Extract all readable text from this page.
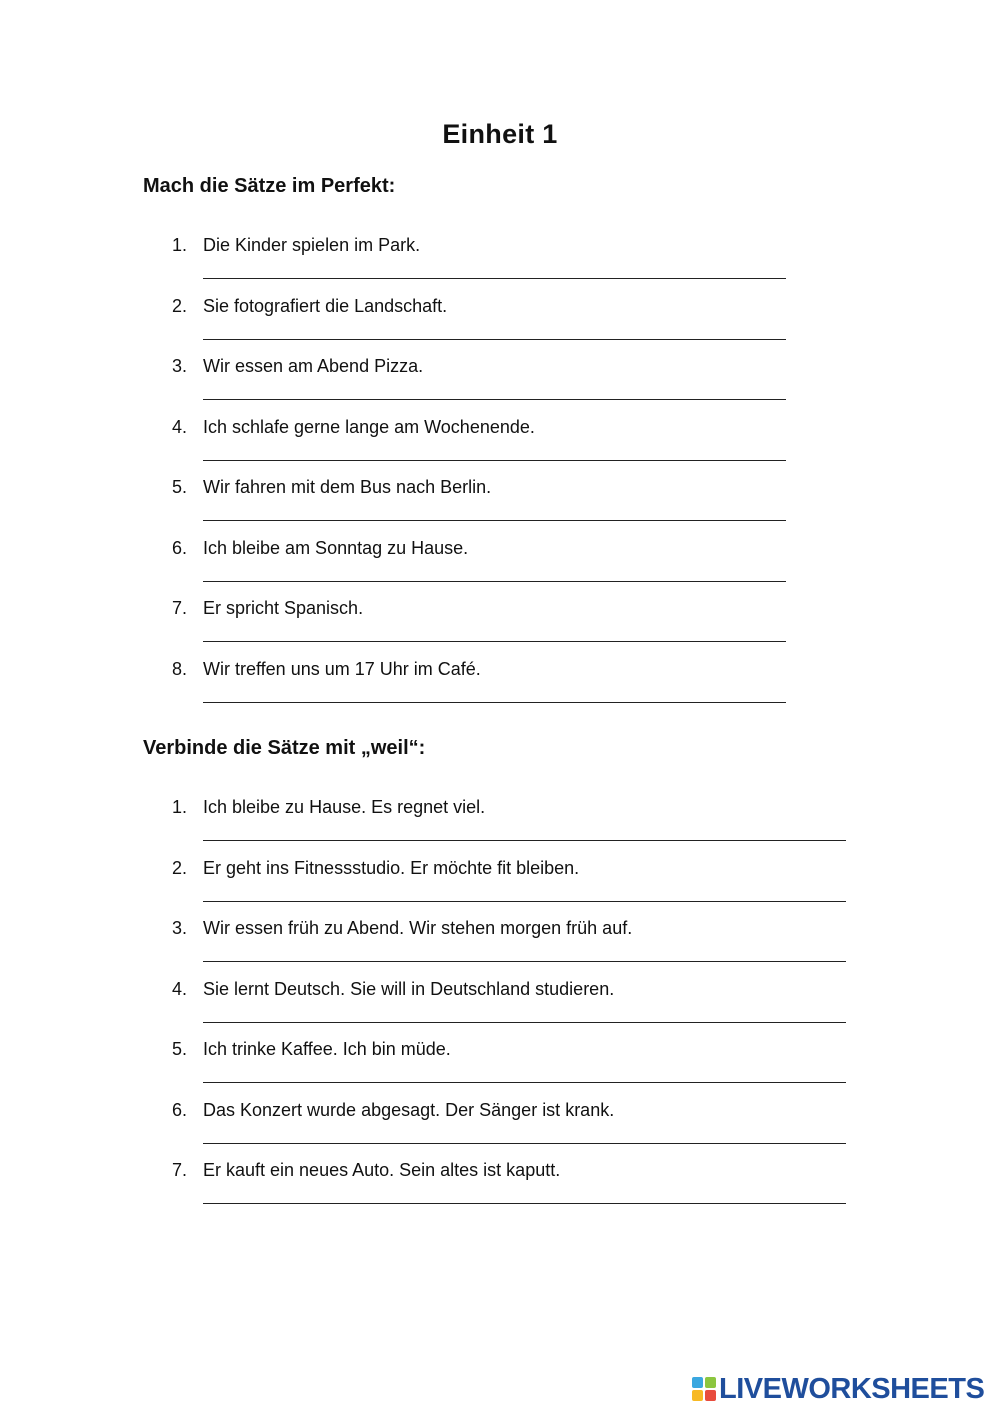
Einheit 1
Mach die Sätze im Perfekt:
1. Die Kinder spielen im Park.
2. Sie fotografiert die Landschaft.
3. Wir essen am Abend Pizza.
4. Ich schlafe gerne lange am Wochenende.
5. Wir fahren mit dem Bus nach Berlin.
6. Ich bleibe am Sonntag zu Hause.
7. Er spricht Spanisch.
8. Wir treffen uns um 17 Uhr im Café.
Verbinde die Sätze mit „weil“:
1. Ich bleibe zu Hause. Es regnet viel.
2. Er geht ins Fitnessstudio. Er möchte fit bleiben.
3. Wir essen früh zu Abend. Wir stehen morgen früh auf.
4. Sie lernt Deutsch. Sie will in Deutschland studieren.
5. Ich trinke Kaffee. Ich bin müde.
6. Das Konzert wurde abgesagt. Der Sänger ist krank.
7. Er kauft ein neues Auto. Sein altes ist kaputt.
LIVEWORKSHEETS
